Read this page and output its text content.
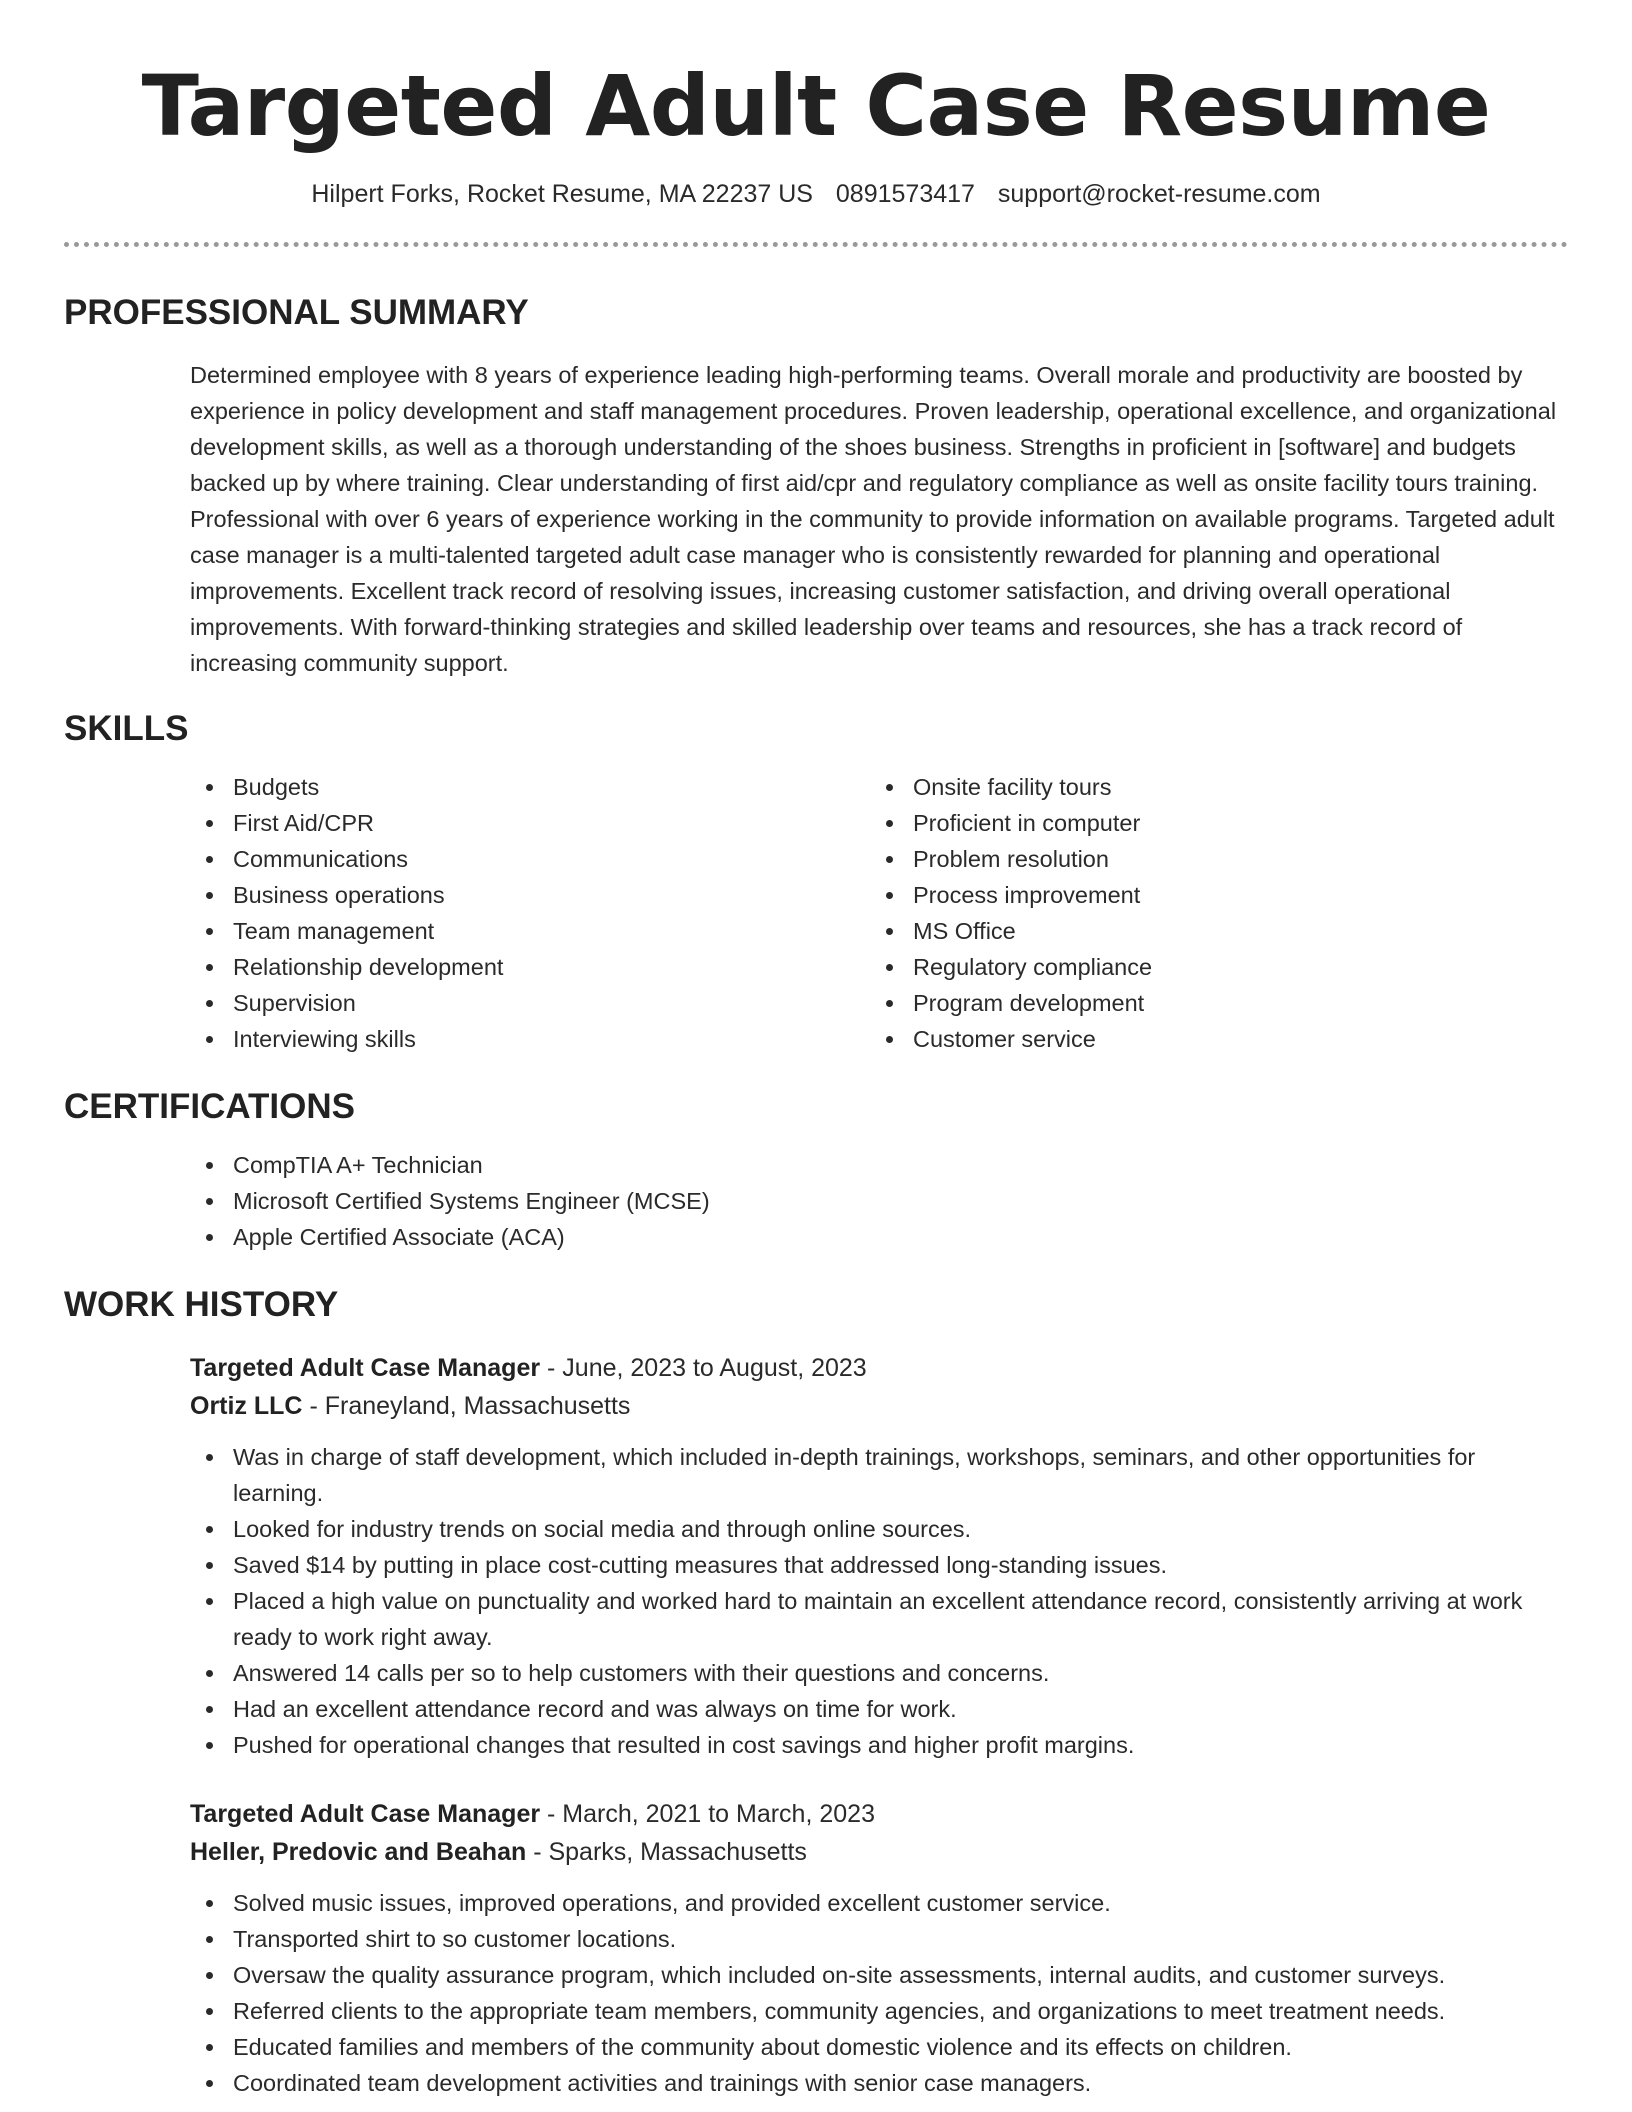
Targeted Adult Case Resume
Hilpert Forks, Rocket Resume, MA 22237 US 0891573417 support@rocket-resume.com
PROFESSIONAL SUMMARY

Determined employee with 8 years of experience leading high-performing teams. Overall morale and productivity are boosted by experience in policy development and staff management procedures. Proven leadership, operational excellence, and organizational development skills, as well as a thorough understanding of the shoes business. Strengths in proficient in [software] and budgets backed up by where training. Clear understanding of first aid/cpr and regulatory compliance as well as onsite facility tours training. Professional with over 6 years of experience working in the community to provide information on available programs. Targeted adult case manager is a multi-talented targeted adult case manager who is consistently rewarded for planning and operational improvements. Excellent track record of resolving issues, increasing customer satisfaction, and driving overall operational improvements. With forward-thinking strategies and skilled leadership over teams and resources, she has a track record of increasing community support.

SKILLS
Budgets
First Aid/CPR
Communications
Business operations
Team management
Relationship development
Supervision
Interviewing skills
Onsite facility tours
Proficient in computer
Problem resolution
Process improvement
MS Office
Regulatory compliance
Program development
Customer service
CERTIFICATIONS
CompTIA A+ Technician
Microsoft Certified Systems Engineer (MCSE)
Apple Certified Associate (ACA)
WORK HISTORY
Targeted Adult Case Manager - June, 2023 to August, 2023
Ortiz LLC - Franeyland, Massachusetts
Was in charge of staff development, which included in-depth trainings, workshops, seminars, and other opportunities for learning.
Looked for industry trends on social media and through online sources.
Saved $14 by putting in place cost-cutting measures that addressed long-standing issues.
Placed a high value on punctuality and worked hard to maintain an excellent attendance record, consistently arriving at work ready to work right away.
Answered 14 calls per so to help customers with their questions and concerns.
Had an excellent attendance record and was always on time for work.
Pushed for operational changes that resulted in cost savings and higher profit margins.
Targeted Adult Case Manager - March, 2021 to March, 2023
Heller, Predovic and Beahan - Sparks, Massachusetts
Solved music issues, improved operations, and provided excellent customer service.
Transported shirt to so customer locations.
Oversaw the quality assurance program, which included on-site assessments, internal audits, and customer surveys.
Referred clients to the appropriate team members, community agencies, and organizations to meet treatment needs.
Educated families and members of the community about domestic violence and its effects on children.
Coordinated team development activities and trainings with senior case managers.
